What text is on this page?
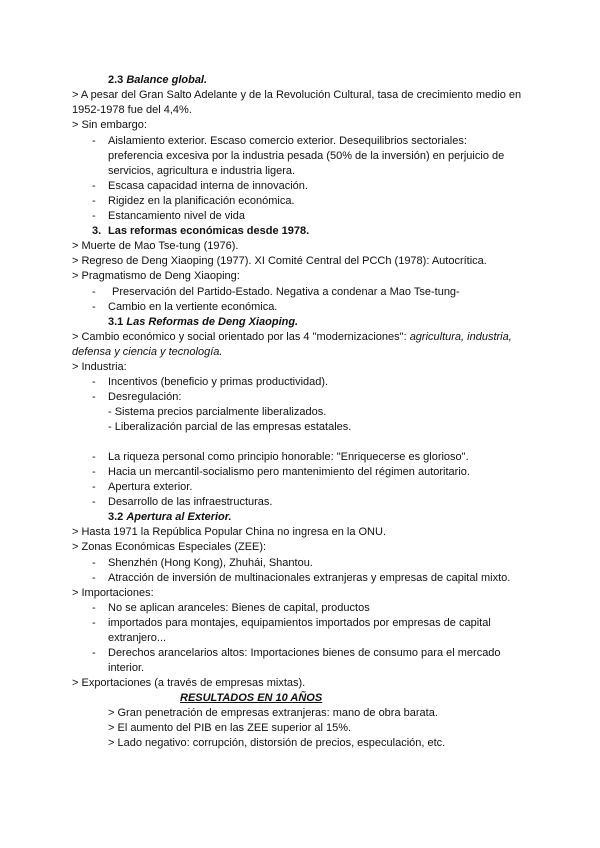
2.3 Balance global.
> A pesar del Gran Salto Adelante y de la Revolución Cultural, tasa de crecimiento medio en
1952-1978 fue del 4,4%.
> Sin embargo:
- Aislamiento exterior. Escaso comercio exterior. Desequilibrios sectoriales:
preferencia excesiva por la industria pesada (50% de la inversión) en perjuicio de
servicios, agricultura e industria ligera.
- Escasa capacidad interna de innovación.
- Rigidez en la planificación económica.
- Estancamiento nivel de vida
3. Las reformas económicas desde 1978.
> Muerte de Mao Tse-tung (1976).
> Regreso de Deng Xiaoping (1977). XI Comité Central del PCCh (1978): Autocrítica.
> Pragmatismo de Deng Xiaoping:
- Preservación del Partido-Estado. Negativa a condenar a Mao Tse-tung-
- Cambio en la vertiente económica.
3.1 Las Reformas de Deng Xiaoping.
> Cambio económico y social orientado por las 4 "modernizaciones": agricultura, industria,
defensa y ciencia y tecnología.
> Industria:
- Incentivos (beneficio y primas productividad).
- Desregulación:
- Sistema precios parcialmente liberalizados.
- Liberalización parcial de las empresas estatales.
- La riqueza personal como principio honorable: "Enriquecerse es glorioso".
- Hacia un mercantil-socialismo pero mantenimiento del régimen autoritario.
- Apertura exterior.
- Desarrollo de las infraestructuras.
3.2 Apertura al Exterior.
> Hasta 1971 la República Popular China no ingresa en la ONU.
> Zonas Económicas Especiales (ZEE):
- Shenzhén (Hong Kong), Zhuhái, Shantou.
- Atracción de inversión de multinacionales extranjeras y empresas de capital mixto.
> Importaciones:
- No se aplican aranceles: Bienes de capital, productos
- importados para montajes, equipamientos importados por empresas de capital
extranjero...
- Derechos arancelarios altos: Importaciones bienes de consumo para el mercado
interior.
> Exportaciones (a través de empresas mixtas).
RESULTADOS EN 10 AÑOS
> Gran penetración de empresas extranjeras: mano de obra barata.
> El aumento del PIB en las ZEE superior al 15%.
> Lado negativo: corrupción, distorsión de precios, especulación, etc.
